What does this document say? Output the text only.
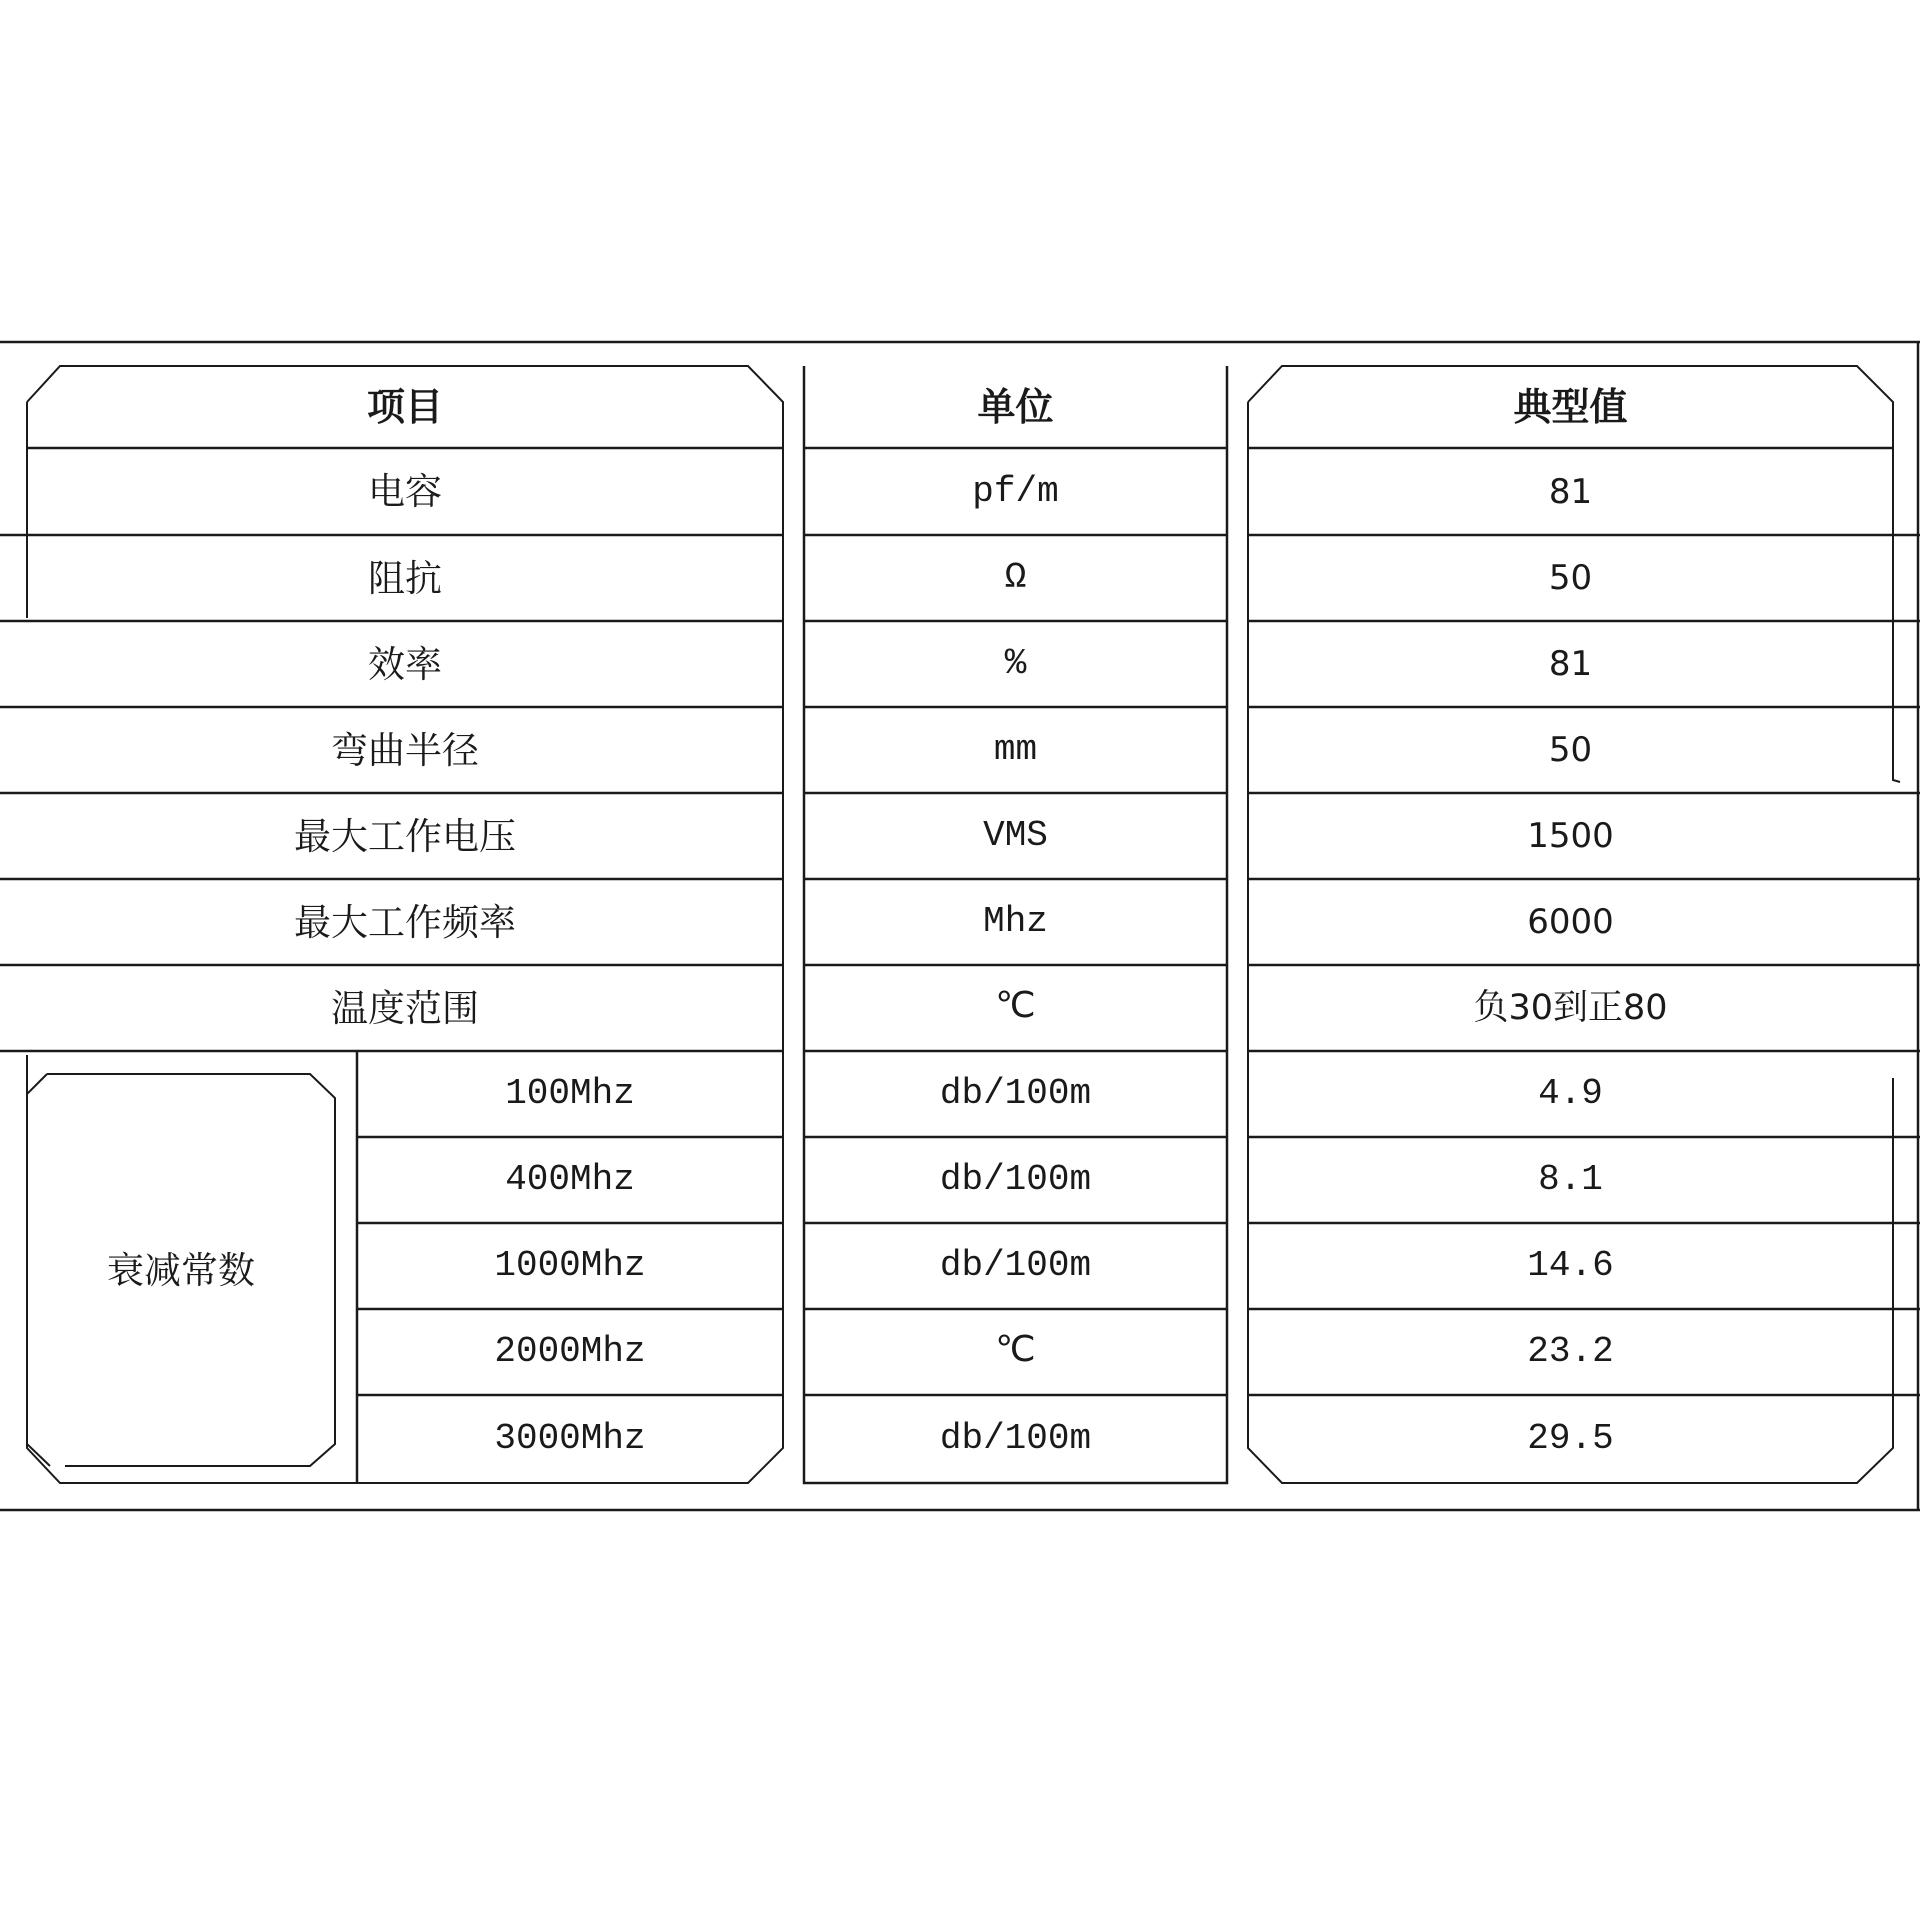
项目	单位	典型值
电容	pf/m	81
阻抗	Ω	50
效率	%	81
弯曲半径	mm	50
最大工作电压	VMS	1500
最大工作频率	Mhz	6000
温度范围	℃	负30到正80
衰减常数
100Mhz	db/100m	4.9
400Mhz	db/100m	8.1
1000Mhz	db/100m	14.6
2000Mhz	℃	23.2
3000Mhz	db/100m	29.5
